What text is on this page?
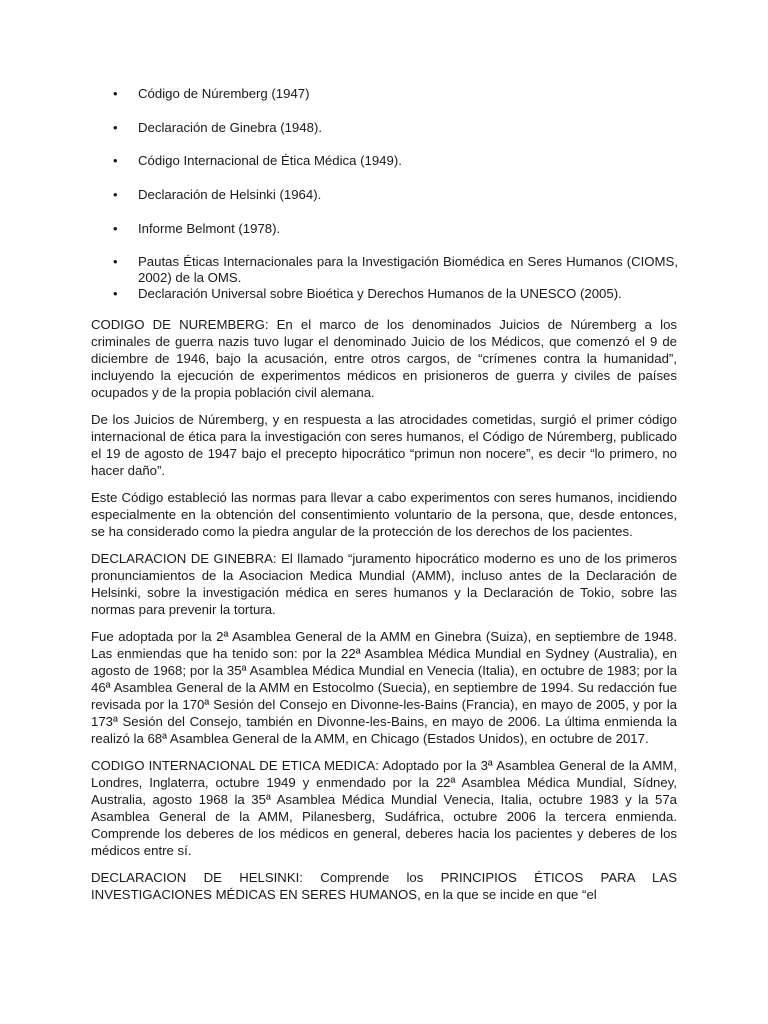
• Código de Núremberg (1947)
• Declaración de Ginebra (1948).
• Código Internacional de Ética Médica (1949).
• Declaración de Helsinki (1964).
• Informe Belmont (1978).
• Pautas Éticas Internacionales para la Investigación Biomédica en Seres Humanos (CIOMS, 2002) de la OMS.
• Declaración Universal sobre Bioética y Derechos Humanos de la UNESCO (2005).

CODIGO DE NUREMBERG: En el marco de los denominados Juicios de Núremberg a los criminales de guerra nazis tuvo lugar el denominado Juicio de los Médicos, que comenzó el 9 de diciembre de 1946, bajo la acusación, entre otros cargos, de “crímenes contra la humanidad”, incluyendo la ejecución de experimentos médicos en prisioneros de guerra y civiles de países ocupados y de la propia población civil alemana.

De los Juicios de Núremberg, y en respuesta a las atrocidades cometidas, surgió el primer código internacional de ética para la investigación con seres humanos, el Código de Núremberg, publicado el 19 de agosto de 1947 bajo el precepto hipocrático “primun non nocere”, es decir “lo primero, no hacer daño”.

Este Código estableció las normas para llevar a cabo experimentos con seres humanos, incidiendo especialmente en la obtención del consentimiento voluntario de la persona, que, desde entonces, se ha considerado como la piedra angular de la protección de los derechos de los pacientes.

DECLARACION DE GINEBRA: El llamado “juramento hipocrático moderno es uno de los primeros pronunciamientos de la Asociacion Medica Mundial (AMM), incluso antes de la Declaración de Helsinki, sobre la investigación médica en seres humanos y la Declaración de Tokio, sobre las normas para prevenir la tortura.

Fue adoptada por la 2ª Asamblea General de la AMM en Ginebra (Suiza), en septiembre de 1948. Las enmiendas que ha tenido son: por la 22ª Asamblea Médica Mundial en Sydney (Australia), en agosto de 1968; por la 35ª Asamblea Médica Mundial en Venecia (Italia), en octubre de 1983; por la 46ª Asamblea General de la AMM en Estocolmo (Suecia), en septiembre de 1994. Su redacción fue revisada por la 170ª Sesión del Consejo en Divonne-les-Bains (Francia), en mayo de 2005, y por la 173ª Sesión del Consejo, también en Divonne-les-Bains, en mayo de 2006. La última enmienda la realizó la 68ª Asamblea General de la AMM, en Chicago (Estados Unidos), en octubre de 2017.

CODIGO INTERNACIONAL DE ETICA MEDICA: Adoptado por la 3ª Asamblea General de la AMM, Londres, Inglaterra, octubre 1949 y enmendado por la 22ª Asamblea Médica Mundial, Sídney, Australia, agosto 1968 la 35ª Asamblea Médica Mundial Venecia, Italia, octubre 1983 y la 57a Asamblea General de la AMM, Pilanesberg, Sudáfrica, octubre 2006 la tercera enmienda. Comprende los deberes de los médicos en general, deberes hacia los pacientes y deberes de los médicos entre sí.

DECLARACION DE HELSINKI: Comprende los PRINCIPIOS ÉTICOS PARA LAS INVESTIGACIONES MÉDICAS EN SERES HUMANOS, en la que se incide en que “el
